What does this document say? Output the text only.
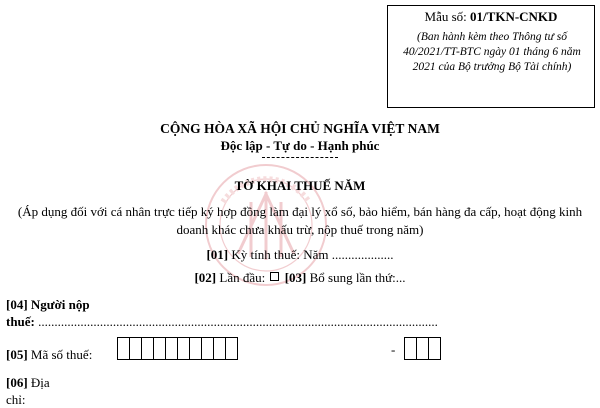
Mẫu số: 01/TKN-CNKD
(Ban hành kèm theo Thông tư số 40/2021/TT-BTC ngày 01 tháng 6 năm 2021 của Bộ trưởng Bộ Tài chính)
CỘNG HÒA XÃ HỘI CHỦ NGHĨA VIỆT NAM
Độc lập - Tự do - Hạnh phúc
TỜ KHAI THUẾ NĂM
(Áp dụng đối với cá nhân trực tiếp ký hợp đồng làm đại lý xổ số, bảo hiểm, bán hàng đa cấp, hoạt động kinh doanh khác chưa khấu trừ, nộp thuế trong năm)
[01] Kỳ tính thuế: Năm ...................
[02] Lần đầu:  [03] Bổ sung lần thứ:...
[04] Người nộp
thuế: ...........................................................................................................................
[05] Mã số thuế:	-
[06] Địa
chỉ:
